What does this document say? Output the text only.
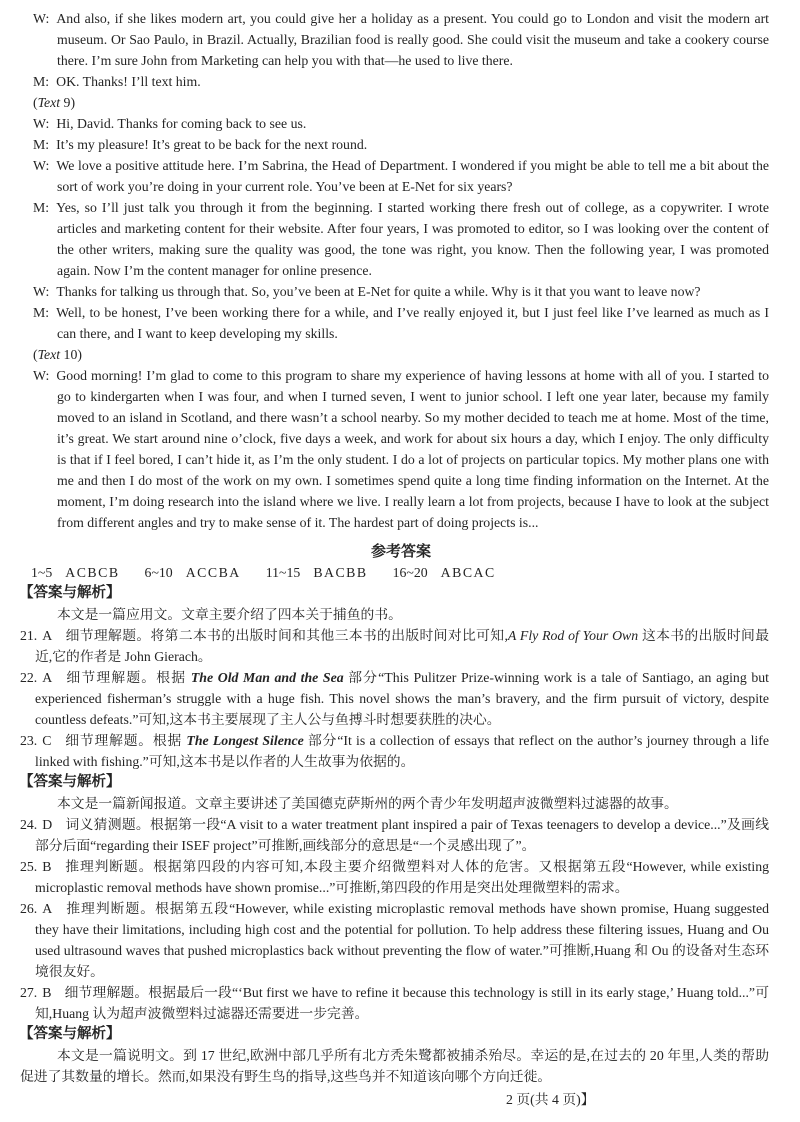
W: And also, if she likes modern art, you could give her a holiday as a present. You could go to London and visit the modern art museum. Or Sao Paulo, in Brazil. Actually, Brazilian food is really good. She could visit the museum and take a cookery course there. I’m sure John from Marketing can help you with that—he used to live there.
M: OK. Thanks! I’ll text him.
(Text 9)
W: Hi, David. Thanks for coming back to see us.
M: It’s my pleasure! It’s great to be back for the next round.
W: We love a positive attitude here. I’m Sabrina, the Head of Department. I wondered if you might be able to tell me a bit about the sort of work you’re doing in your current role. You’ve been at E-Net for six years?
M: Yes, so I’ll just talk you through it from the beginning. I started working there fresh out of college, as a copywriter. I wrote articles and marketing content for their website. After four years, I was promoted to editor, so I was looking over the content of the other writers, making sure the quality was good, the tone was right, you know. Then the following year, I was promoted again. Now I’m the content manager for online presence.
W: Thanks for talking us through that. So, you’ve been at E-Net for quite a while. Why is it that you want to leave now?
M: Well, to be honest, I’ve been working there for a while, and I’ve really enjoyed it, but I just feel like I’ve learned as much as I can there, and I want to keep developing my skills.
(Text 10)
W: Good morning! I’m glad to come to this program to share my experience of having lessons at home with all of you. I started to go to kindergarten when I was four, and when I turned seven, I went to junior school. I left one year later, because my family moved to an island in Scotland, and there wasn’t a school nearby. So my mother decided to teach me at home. Most of the time, it’s great. We start around nine o’clock, five days a week, and work for about six hours a day, which I enjoy. The only difficulty is that if I feel bored, I can’t hide it, as I’m the only student. I do a lot of projects on particular topics. My mother plans one with me and then I do most of the work on my own. I sometimes spend quite a long time finding information on the Internet. At the moment, I’m doing research into the island where we live. I really learn a lot from projects, because I have to look at the subject from different angles and try to make sense of it. The hardest part of doing projects is...
参考答案
1~5 ACBCB 6~10 ACCBA 11~15 BACBB 16~20 ABCAC
【答案与解析】
本文是一篇应用文。文章主要介绍了四本关于捕鱼的书。
21. A 细节理解题。将第二本书的出版时间和其他三本书的出版时间对比可知,A Fly Rod of Your Own 这本书的出版时间最近,它的作者是 John Gierach。
22. A 细节理解题。根据 The Old Man and the Sea 部分“This Pulitzer Prize-winning work is a tale of Santiago, an aging but experienced fisherman’s struggle with a huge fish. This novel shows the man’s bravery, and the firm pursuit of victory, despite countless defeats.”可知,这本书主要展现了主人公与鱼搏斗时想要获胜的决心。
23. C 细节理解题。根据 The Longest Silence 部分“It is a collection of essays that reflect on the author’s journey through a life linked with fishing.”可知,这本书是以作者的人生故事为依据的。
【答案与解析】
本文是一篇新闻报道。文章主要讲述了美国德克萨斯州的两个青少年发明超声波微塑料过滤器的故事。
24. D 词义猜测题。根据第一段“A visit to a water treatment plant inspired a pair of Texas teenagers to develop a device...”及画线部分后面“regarding their ISEF project”可推断,画线部分的意思是“一个灵感出现了”。
25. B 推理判断题。根据第四段的内容可知,本段主要介绍微塑料对人体的危害。又根据第五段“However, while existing microplastic removal methods have shown promise...”可推断,第四段的作用是突出处理微塑料的需求。
26. A 推理判断题。根据第五段“However, while existing microplastic removal methods have shown promise, Huang suggested they have their limitations, including high cost and the potential for pollution. To help address these filtering issues, Huang and Ou used ultrasound waves that pushed microplastics back without preventing the flow of water.”可推断,Huang 和 Ou 的设备对生态环境很友好。
27. B 细节理解题。根据最后一段“‘But first we have to refine it because this technology is still in its early stage,’ Huang told...”可知,Huang 认为超声波微塑料过滤器还需要进一步完善。
【答案与解析】
本文是一篇说明文。到 17 世纪,欧洲中部几乎所有北方秃朱鹭都被捕杀殆尽。幸运的是,在过去的 20 年里,人类的帮助促进了其数量的增长。然而,如果没有野生鸟的指导,这些鸟并不知道该向哪个方向迁徙。
2 页(共 4 页)】
